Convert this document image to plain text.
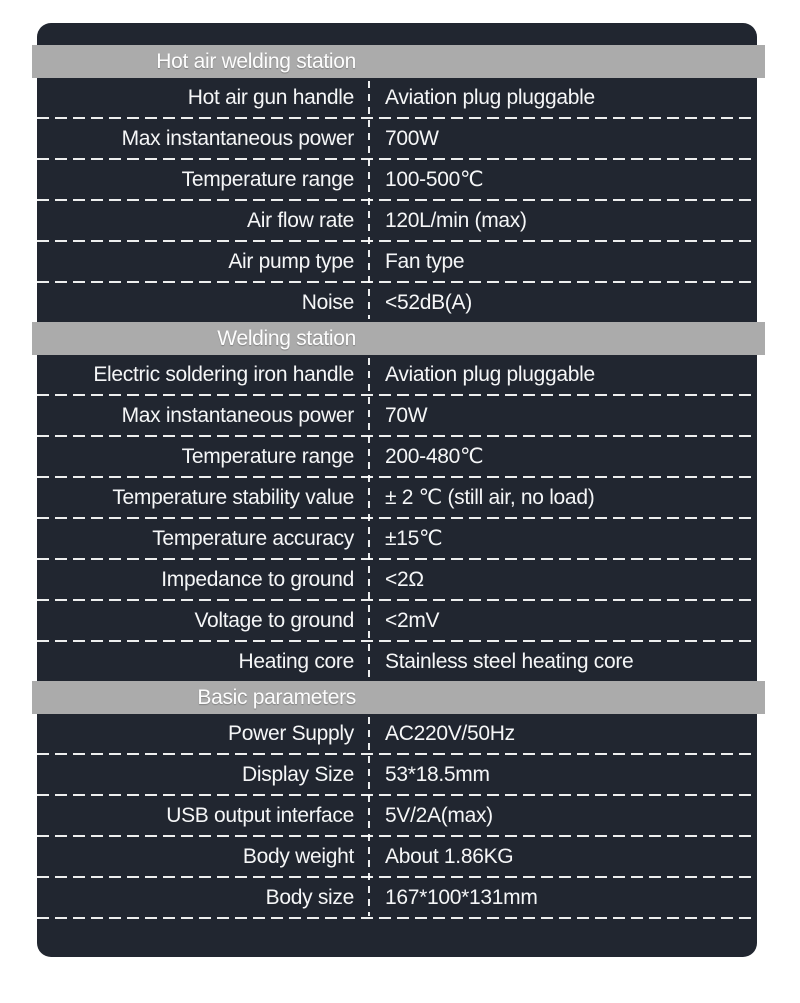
Hot air welding station
Hot air gun handle	Aviation plug pluggable
Max instantaneous power	700W
Temperature range	100-500℃
Air flow rate	120L/min (max)
Air pump type	Fan type
Noise	<52dB(A)
Welding station
Electric soldering iron handle	Aviation plug pluggable
Max instantaneous power	70W
Temperature range	200-480℃
Temperature stability value	± 2 ℃ (still air, no load)
Temperature accuracy	±15℃
Impedance to ground	<2Ω
Voltage to ground	<2mV
Heating core	Stainless steel heating core
Basic parameters
Power Supply	AC220V/50Hz
Display Size	53*18.5mm
USB output interface	5V/2A(max)
Body weight	About 1.86KG
Body size	167*100*131mm
